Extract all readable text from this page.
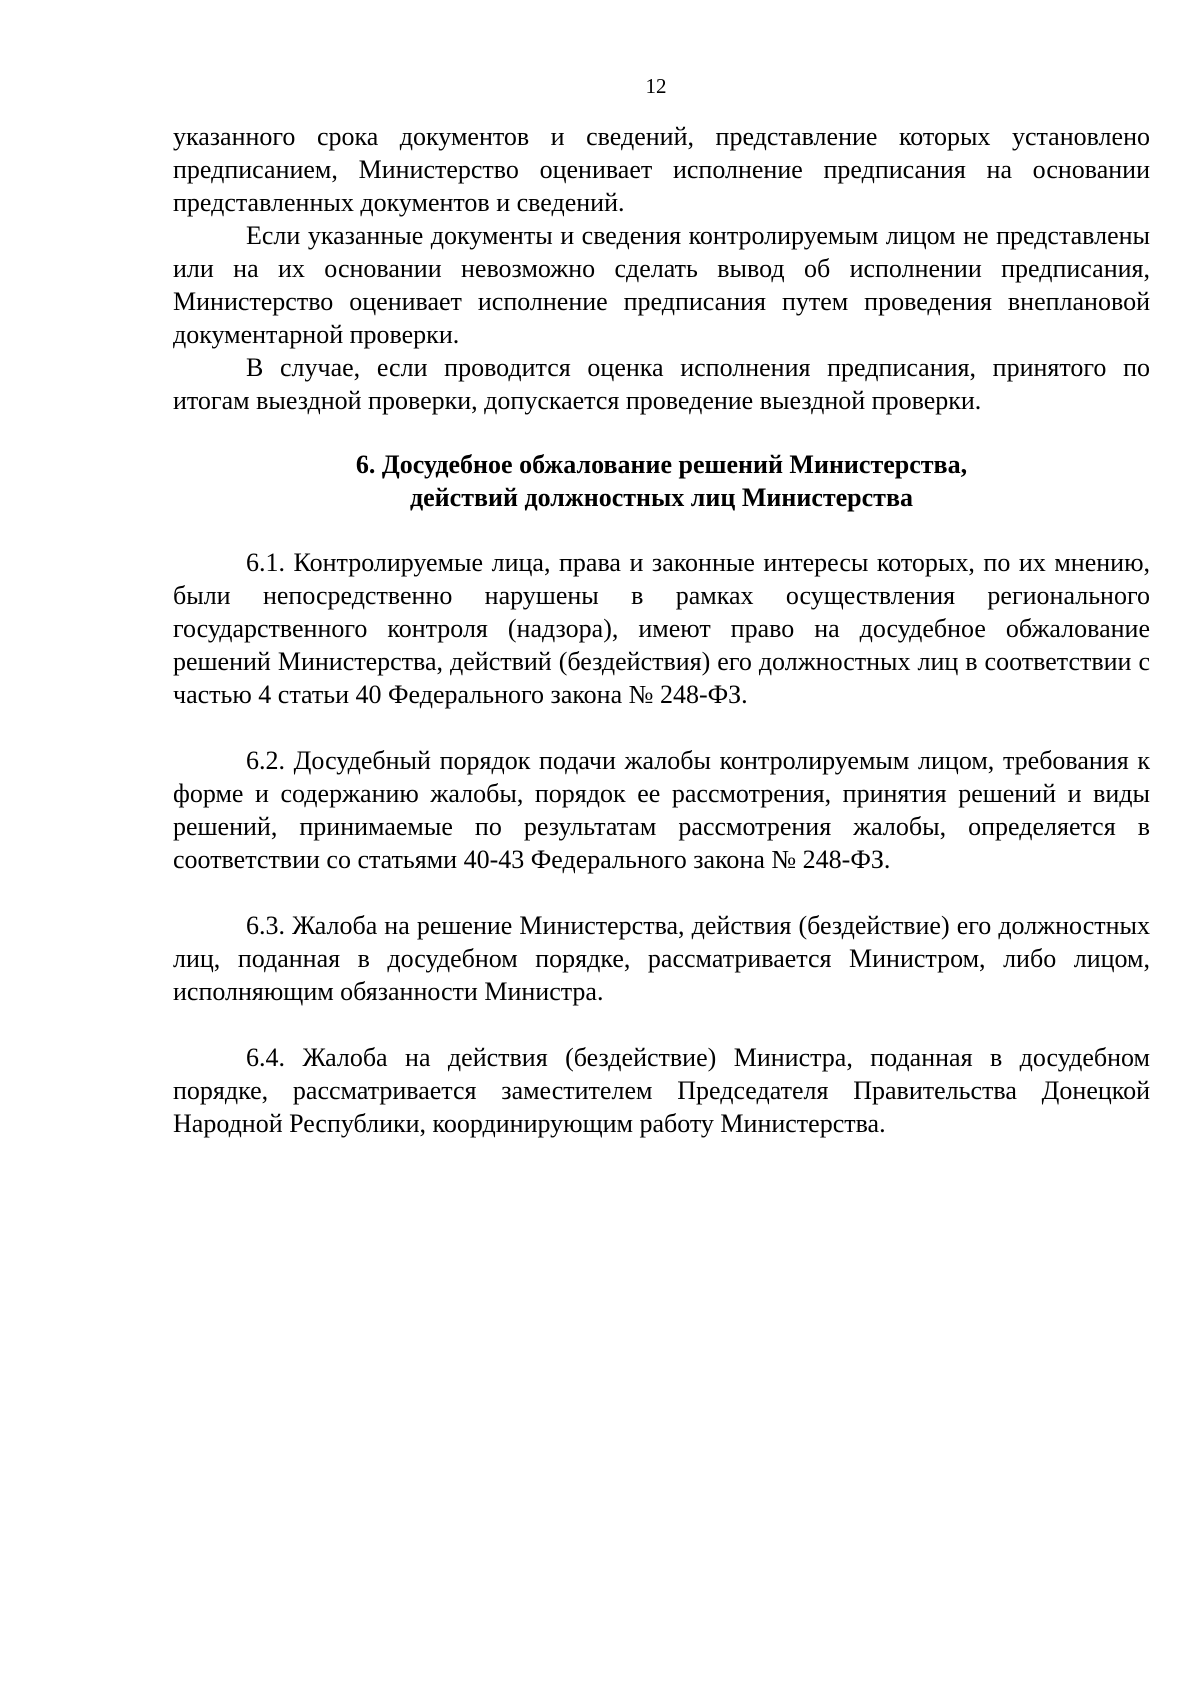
12

указанного срока документов и сведений, представление которых установлено предписанием, Министерство оценивает исполнение предписания на основании представленных документов и сведений.

Если указанные документы и сведения контролируемым лицом не представлены или на их основании невозможно сделать вывод об исполнении предписания, Министерство оценивает исполнение предписания путем проведения внеплановой документарной проверки.

В случае, если проводится оценка исполнения предписания, принятого по итогам выездной проверки, допускается проведение выездной проверки.

6. Досудебное обжалование решений Министерства,
действий должностных лиц Министерства

6.1. Контролируемые лица, права и законные интересы которых, по их мнению, были непосредственно нарушены в рамках осуществления регионального государственного контроля (надзора), имеют право на досудебное обжалование решений Министерства, действий (бездействия) его должностных лиц в соответствии с частью 4 статьи 40 Федерального закона № 248-ФЗ.

6.2. Досудебный порядок подачи жалобы контролируемым лицом, требования к форме и содержанию жалобы, порядок ее рассмотрения, принятия решений и виды решений, принимаемые по результатам рассмотрения жалобы, определяется в соответствии со статьями 40-43 Федерального закона № 248-ФЗ.

6.3. Жалоба на решение Министерства, действия (бездействие) его должностных лиц, поданная в досудебном порядке, рассматривается Министром, либо лицом, исполняющим обязанности Министра.

6.4. Жалоба на действия (бездействие) Министра, поданная в досудебном порядке, рассматривается заместителем Председателя Правительства Донецкой Народной Республики, координирующим работу Министерства.
